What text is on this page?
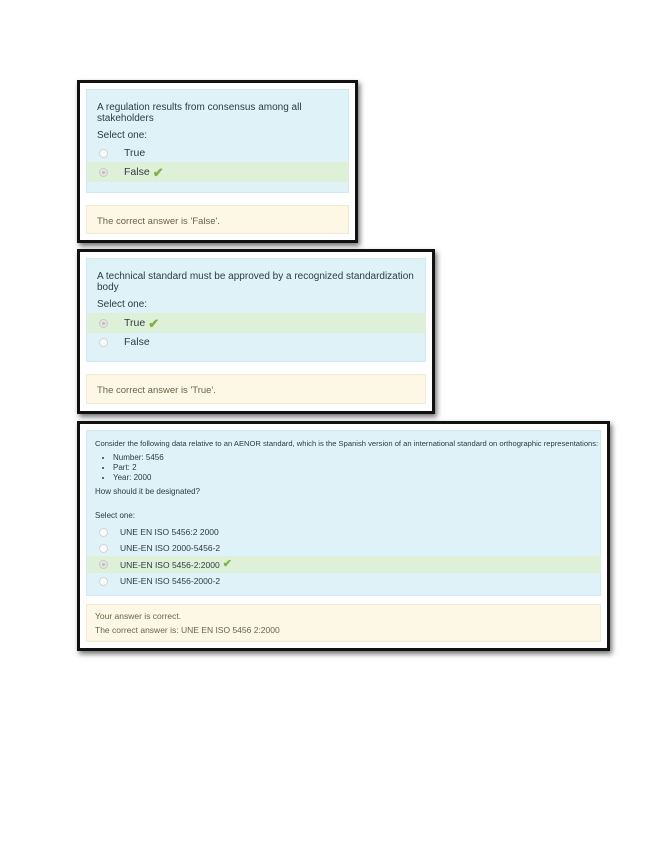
A regulation results from consensus among all stakeholders
Select one:
True
False ✔
The correct answer is 'False'.
A technical standard must be approved by a recognized standardization body
Select one:
True ✔
False
The correct answer is 'True'.
Consider the following data relative to an AENOR standard, which is the Spanish version of an international standard on orthographic representations:
• Number: 5456
• Part: 2
• Year: 2000
How should it be designated?
Select one:
UNE EN ISO 5456:2 2000
UNE-EN ISO 2000-5456-2
UNE-EN ISO 5456-2:2000 ✔
UNE-EN ISO 5456-2000-2
Your answer is correct.
The correct answer is: UNE EN ISO 5456 2:2000
